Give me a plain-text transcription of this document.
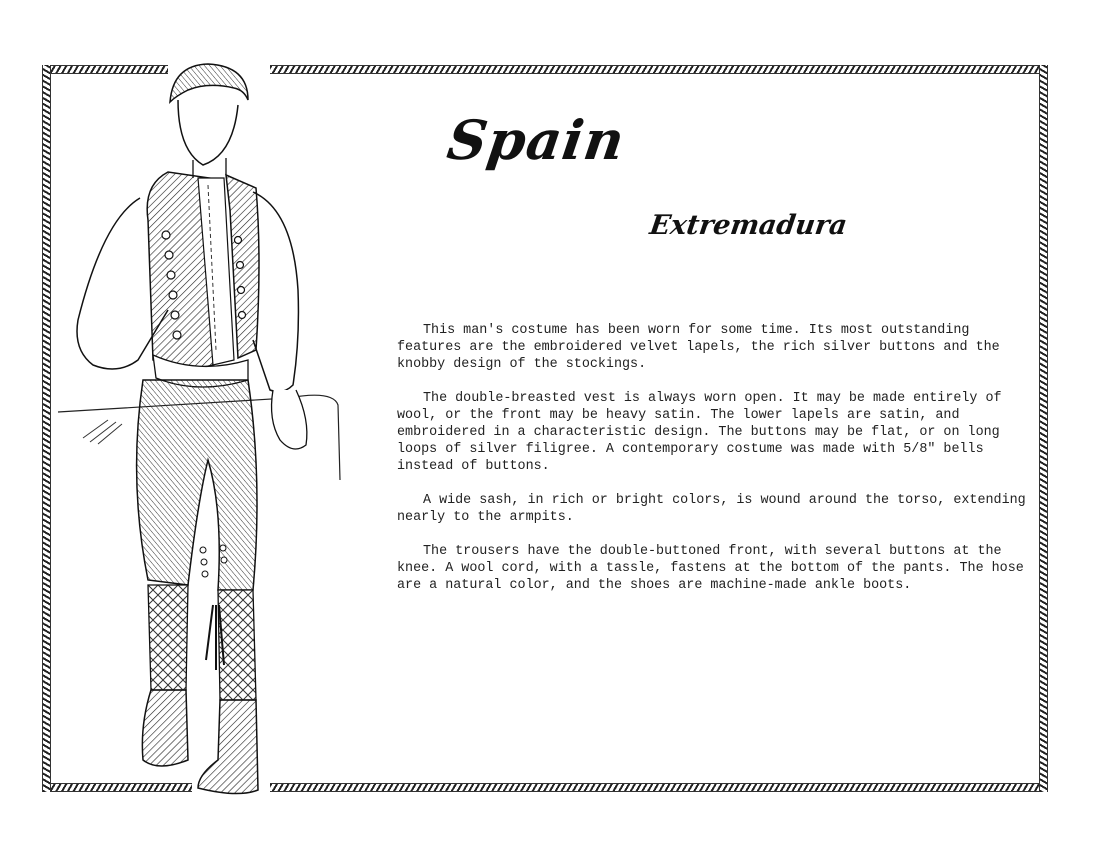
Spain
Extremadura

This man's costume has been worn for some time. Its most outstanding features are the embroidered velvet lapels, the rich silver buttons and the knobby design of the stockings.

The double-breasted vest is always worn open. It may be made entirely of wool, or the front may be heavy satin. The lower lapels are satin, and embroidered in a characteristic design. The buttons may be flat, or on long loops of silver filigree. A contemporary costume was made with 5/8" bells instead of buttons.

A wide sash, in rich or bright colors, is wound around the torso, extending nearly to the armpits.

The trousers have the double-buttoned front, with several buttons at the knee. A wool cord, with a tassle, fastens at the bottom of the pants. The hose are a natural color, and the shoes are machine-made ankle boots.
